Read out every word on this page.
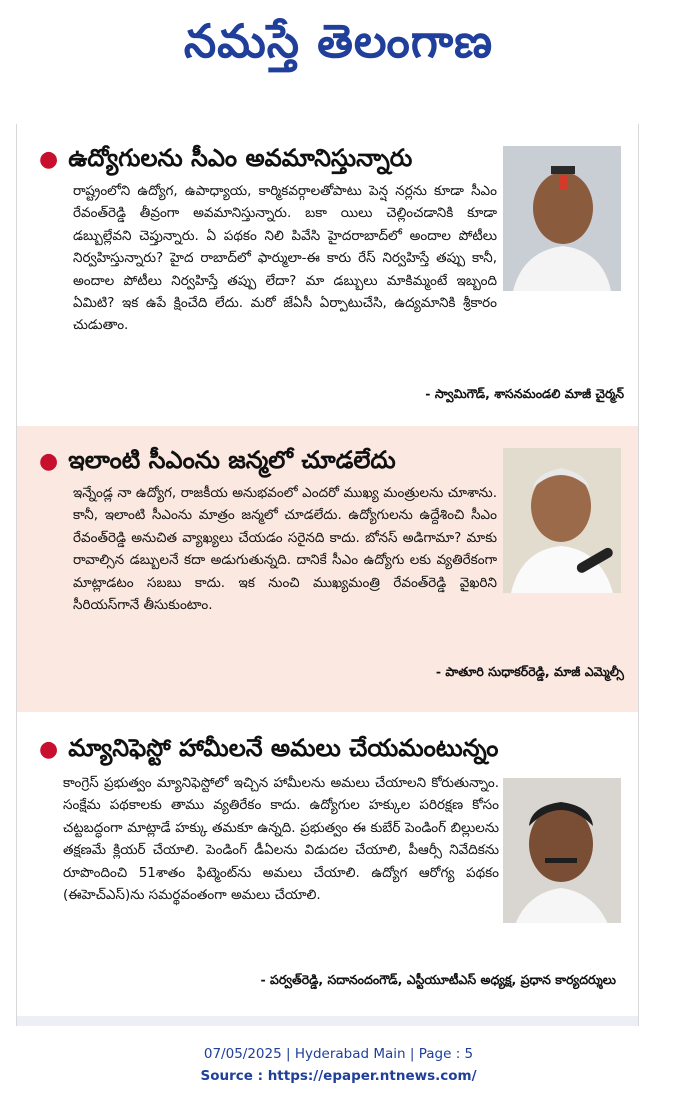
నమస్తే తెలంగాణ
● ఉద్యోగులను సీఎం అవమానిస్తున్నారు
రాష్ట్రంలోని ఉద్యోగ, ఉపాధ్యాయ, కార్మికవర్గాలతోపాటు పెన్ష నర్లను కూడా సీఎం రేవంత్‌రెడ్డి తీవ్రంగా అవమానిస్తున్నారు. బకా యిలు చెల్లించడానికి కూడా డబ్బుల్లేవని చెప్తున్నారు. ఏ పథకం నిలి పివేసి హైదరాబాద్‌లో అందాల పోటీలు నిర్వహిస్తున్నారు? హైద రాబాద్‌లో ఫార్ములా-ఈ కారు రేస్‌ నిర్వహిస్తే తప్పు కానీ, అందాల పోటీలు నిర్వహిస్తే తప్పు లేదా? మా డబ్బులు మాకిమ్మంటే ఇబ్బంది ఏమిటి? ఇక ఉపే క్షించేది లేదు. మరో జేఏసీ ఏర్పాటుచేసి, ఉద్యమానికి శ్రీకారం చుడుతాం.
- స్వామిగౌడ్‌, శాసనమండలి మాజీ చైర్మన్‌
● ఇలాంటి సీఎంను జన్మలో చూడలేదు
ఇన్నేండ్ల నా ఉద్యోగ, రాజకీయ అనుభవంలో ఎందరో ముఖ్య మంత్రులను చూశాను. కానీ, ఇలాంటి సీఎంను మాత్రం జన్మలో చూడలేదు. ఉద్యోగులను ఉద్దేశించి సీఎం రేవంత్‌రెడ్డి అనుచిత వ్యాఖ్యలు చేయడం సరైనది కాదు. బోనస్‌ అడిగామా? మాకు రావాల్సిన డబ్బులనే కదా అడుగుతున్నది. దానికే సీఎం ఉద్యోగు లకు వ్యతిరేకంగా మాట్లాడటం సబబు కాదు. ఇక నుంచి ముఖ్యమంత్రి రేవంత్‌రెడ్డి వైఖరిని సీరియస్‌గానే తీసుకుంటాం.
- పాతూరి సుధాకర్‌రెడ్డి, మాజీ ఎమ్మెల్సీ
● మ్యానిఫెస్టో హామీలనే అమలు చేయమంటున్నం
కాంగ్రెస్‌ ప్రభుత్వం మ్యానిఫెస్టోలో ఇచ్చిన హామీలను అమలు చేయాలని కోరుతున్నాం. సంక్షేమ పథకాలకు తాము వ్యతిరేకం కాదు. ఉద్యోగుల హక్కుల పరిరక్షణ కోసం చట్టబద్ధంగా మాట్లాడే హక్కు తమకూ ఉన్నది. ప్రభుత్వం ఈ కుబేర్‌ పెండింగ్‌ బిల్లులను తక్షణమే క్లియర్‌ చేయాలి. పెండింగ్‌ డీఏలను విడుదల చేయాలి, పీఆర్సీ నివేదికను రూపొందించి 51శాతం ఫిట్మెంట్‌ను అమలు చేయాలి. ఉద్యోగ ఆరోగ్య పథకం (ఈహెచ్‌ఎస్‌)ను సమర్థవంతంగా అమలు చేయాలి.
- పర్వత్‌రెడ్డి, సదానందంగౌడ్‌, ఎస్టీయూటీఎస్‌ అధ్యక్ష, ప్రధాన కార్యదర్శులు
07/05/2025 | Hyderabad Main | Page : 5
Source : https://epaper.ntnews.com/
